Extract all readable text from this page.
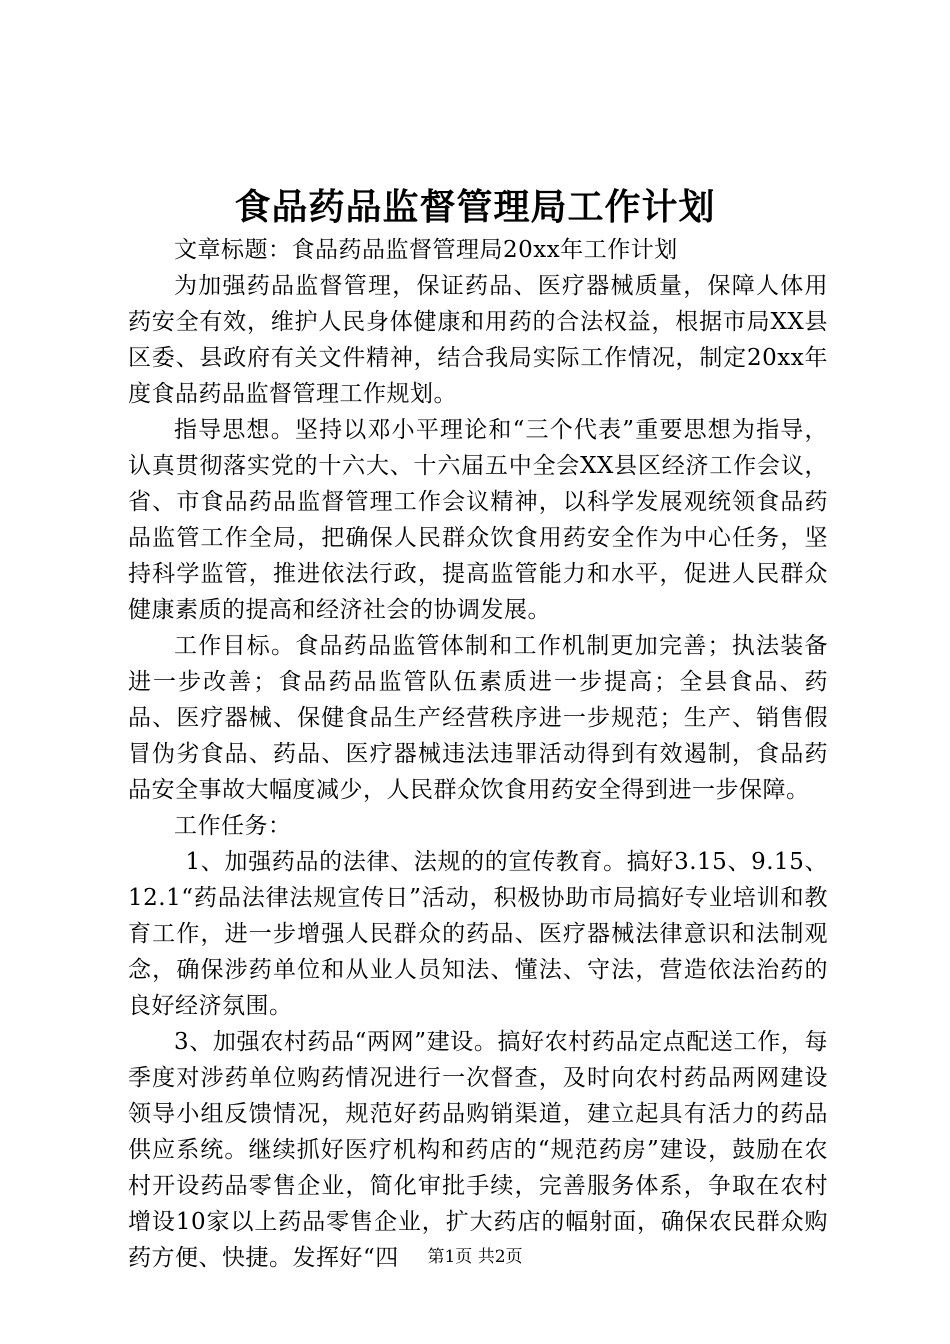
食品药品监督管理局工作计划

文章标题：食品药品监督管理局20xx年工作计划

为加强药品监督管理，保证药品、医疗器械质量，保障人体用药安全有效，维护人民身体健康和用药的合法权益，根据市局XX县区委、县政府有关文件精神，结合我局实际工作情况，制定20xx年度食品药品监督管理工作规划。

指导思想。坚持以邓小平理论和“三个代表”重要思想为指导，认真贯彻落实党的十六大、十六届五中全会XX县区经济工作会议，省、市食品药品监督管理工作会议精神，以科学发展观统领食品药品监管工作全局，把确保人民群众饮食用药安全作为中心任务，坚持科学监管，推进依法行政，提高监管能力和水平，促进人民群众健康素质的提高和经济社会的协调发展。

工作目标。食品药品监管体制和工作机制更加完善；执法装备进一步改善；食品药品监管队伍素质进一步提高；全县食品、药品、医疗器械、保健食品生产经营秩序进一步规范；生产、销售假冒伪劣食品、药品、医疗器械违法违罪活动得到有效遏制，食品药品安全事故大幅度减少，人民群众饮食用药安全得到进一步保障。

工作任务：

1、加强药品的法律、法规的的宣传教育。搞好3.15、9.15、12.1“药品法律法规宣传日”活动，积极协助市局搞好专业培训和教育工作，进一步增强人民群众的药品、医疗器械法律意识和法制观念，确保涉药单位和从业人员知法、懂法、守法，营造依法治药的良好经济氛围。

3、加强农村药品“两网”建设。搞好农村药品定点配送工作，每季度对涉药单位购药情况进行一次督查，及时向农村药品两网建设领导小组反馈情况，规范好药品购销渠道，建立起具有活力的药品供应系统。继续抓好医疗机构和药店的“规范药房”建设，鼓励在农村开设药品零售企业，简化审批手续，完善服务体系，争取在农村增设10家以上药品零售企业，扩大药店的幅射面，确保农民群众购药方便、快捷。发挥好“四	第1页 共2页
